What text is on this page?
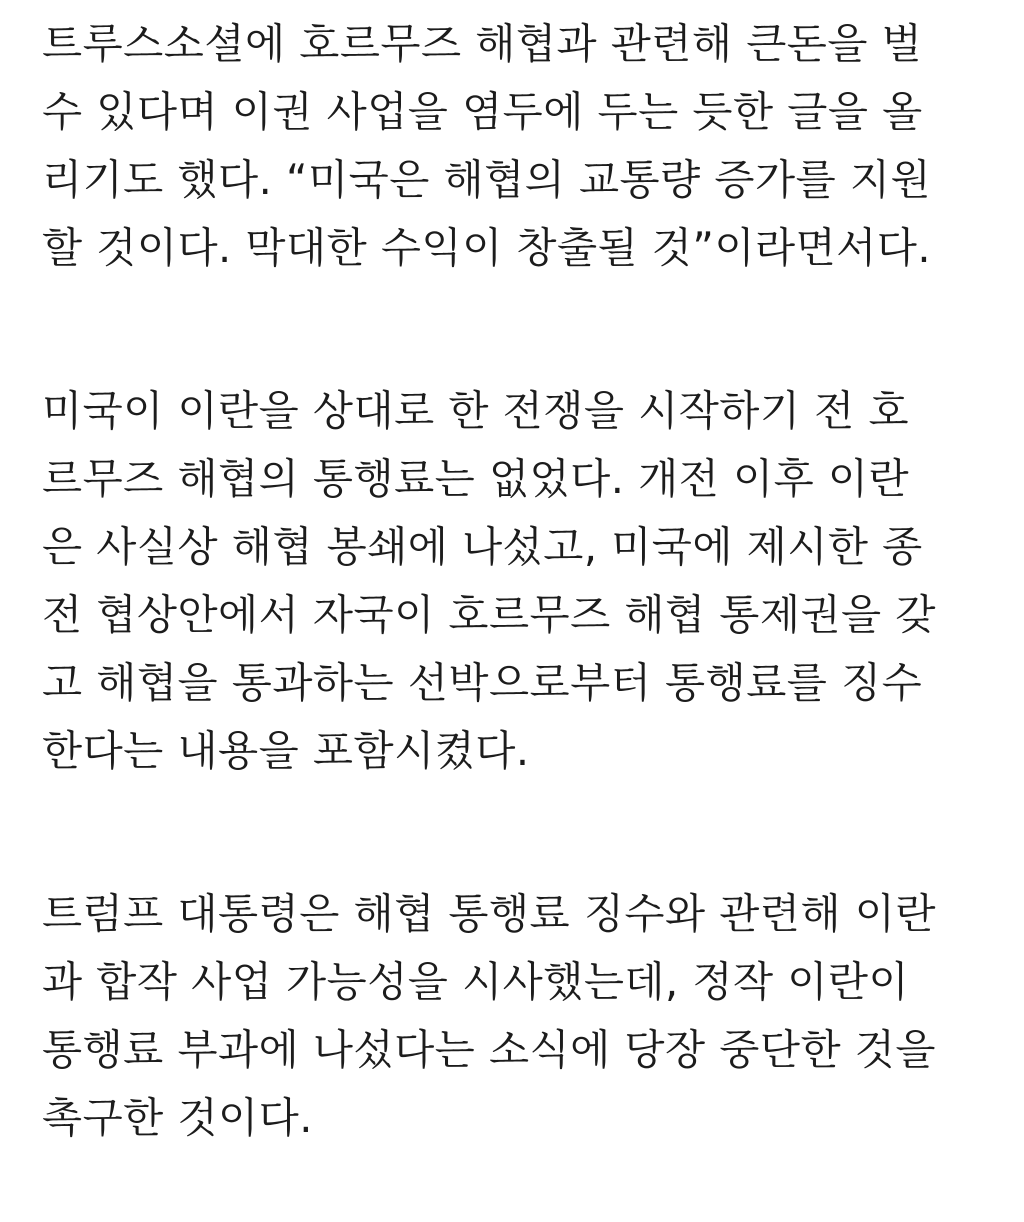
트루스소셜에 호르무즈 해협과 관련해 큰돈을 벌
수 있다며 이권 사업을 염두에 두는 듯한 글을 올
리기도 했다. “미국은 해협의 교통량 증가를 지원
할 것이다. 막대한 수익이 창출될 것”이라면서다.

미국이 이란을 상대로 한 전쟁을 시작하기 전 호
르무즈 해협의 통행료는 없었다. 개전 이후 이란
은 사실상 해협 봉쇄에 나섰고, 미국에 제시한 종
전 협상안에서 자국이 호르무즈 해협 통제권을 갖
고 해협을 통과하는 선박으로부터 통행료를 징수
한다는 내용을 포함시켰다.

트럼프 대통령은 해협 통행료 징수와 관련해 이란
과 합작 사업 가능성을 시사했는데, 정작 이란이
통행료 부과에 나섰다는 소식에 당장 중단한 것을
촉구한 것이다.
